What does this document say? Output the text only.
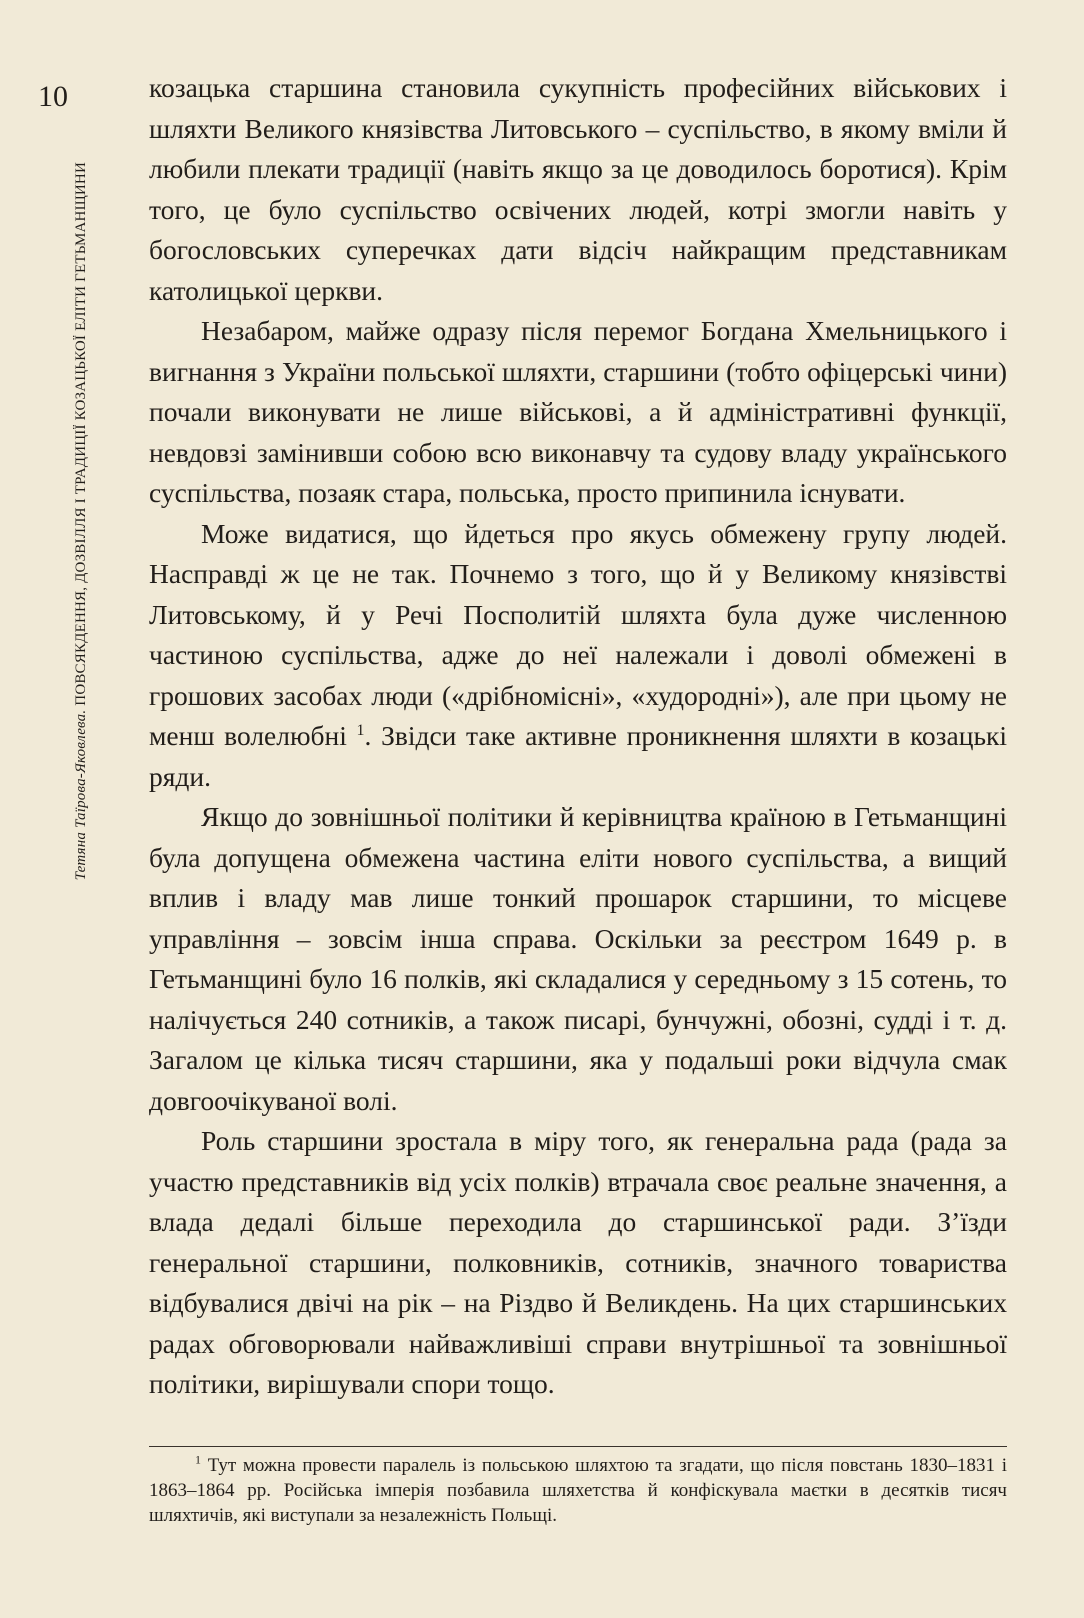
10
Тетяна Таїрова-Яковлева. ПОВСЯКДЕННЯ, ДОЗВІЛЛЯ І ТРАДИЦІЇ КОЗАЦЬКОЇ ЕЛІТИ ГЕТЬМАНЩИНИ

козацька старшина становила сукупність професійних військових і шляхти Великого князівства Литовського – суспільство, в якому вміли й любили плекати традиції (навіть якщо за це доводилось боротися). Крім того, це було суспільство освічених людей, котрі змогли навіть у богословських суперечках дати відсіч найкращим представникам католицької церкви.

Незабаром, майже одразу після перемог Богдана Хмельницького і вигнання з України польської шляхти, старшини (тобто офіцерські чини) почали виконувати не лише військові, а й адміністративні функції, невдовзі замінивши собою всю виконавчу та судову владу українського суспільства, позаяк стара, польська, просто припинила існувати.

Може видатися, що йдеться про якусь обмежену групу людей. Насправді ж це не так. Почнемо з того, що й у Великому князівстві Литовському, й у Речі Посполитій шляхта була дуже численною частиною суспільства, адже до неї належали і доволі обмежені в грошових засобах люди («дрібномісні», «худородні»), але при цьому не менш волелюбні $^1$. Звідси таке активне проникнення шляхти в козацькі ряди.

Якщо до зовнішньої політики й керівництва країною в Гетьманщині була допущена обмежена частина еліти нового суспільства, а вищий вплив і владу мав лише тонкий прошарок старшини, то місцеве управління – зовсім інша справа. Оскільки за реєстром 1649 р. в Гетьманщині було 16 полків, які складалися у середньому з 15 сотень, то налічується 240 сотників, а також писарі, бунчужні, обозні, судді і т. д. Загалом це кілька тисяч старшини, яка у подальші роки відчула смак довгоочікуваної волі.

Роль старшини зростала в міру того, як генеральна рада (рада за участю представників від усіх полків) втрачала своє реальне значення, а влада дедалі більше переходила до старшинської ради. З’їзди генеральної старшини, полковників, сотників, значного товариства відбувалися двічі на рік – на Різдво й Великдень. На цих старшинських радах обговорювали найважливіші справи внутрішньої та зовнішньої політики, вирішували спори тощо.

$^1$ Тут можна провести паралель із польською шляхтою та згадати, що після повстань 1830–1831 і 1863–1864 рр. Російська імперія позбавила шляхетства й конфіскувала маєтки в десятків тисяч шляхтичів, які виступали за незалежність Польщі.
